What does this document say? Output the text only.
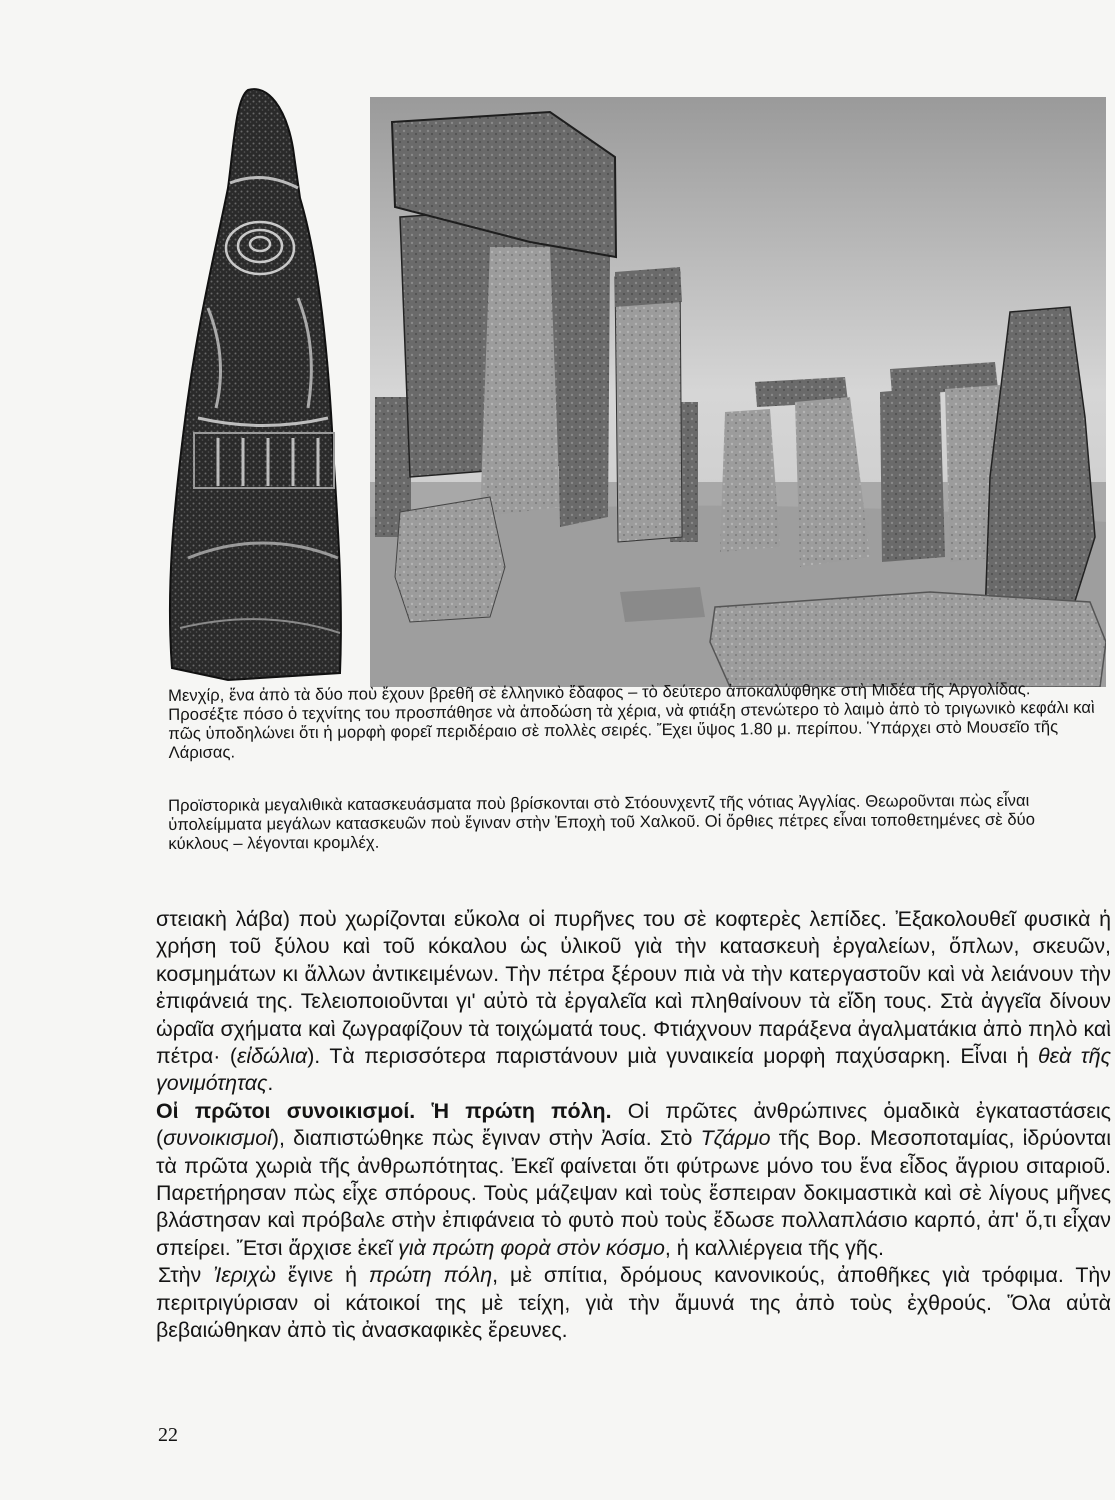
Μενχίρ, ἕνα ἀπὸ τὰ δύο ποὺ ἔχουν βρεθῆ σὲ ἑλληνικὸ ἔδαφος – τὸ δεύτερο ἀποκαλύφθηκε στὴ Μιδέα τῆς Ἀργολίδας. Προσέξτε πόσο ὁ τεχνίτης του προσπάθησε νὰ ἀποδώση τὰ χέρια, νὰ φτιάξη στενώτερο τὸ λαιμὸ ἀπὸ τὸ τριγωνικὸ κεφάλι καὶ πῶς ὑποδηλώνει ὅτι ἡ μορφὴ φορεῖ περιδέραιο σὲ πολλὲς σειρές. Ἔχει ὕψος 1.80 μ. περίπου. Ὑπάρχει στὸ Μουσεῖο τῆς Λάρισας.

Προϊστορικὰ μεγαλιθικὰ κατασκευάσματα ποὺ βρίσκονται στὸ Στόουνχεντζ τῆς νότιας Ἀγγλίας. Θεωροῦνται πὼς εἶναι ὑπολείμματα μεγάλων κατασκευῶν ποὺ ἔγιναν στὴν Ἐποχὴ τοῦ Χαλκοῦ. Οἱ ὄρθιες πέτρες εἶναι τοποθετημένες σὲ δύο κύκλους – λέγονται κρομλέχ.

στειακὴ λάβα) ποὺ χωρίζονται εὔκολα οἱ πυρῆνες του σὲ κοφτερὲς λεπίδες. Ἐξακολουθεῖ φυσικὰ ἡ χρήση τοῦ ξύλου καὶ τοῦ κόκαλου ὡς ὑλικοῦ γιὰ τὴν κατασκευὴ ἐργαλείων, ὅπλων, σκευῶν, κοσμημάτων κι ἄλλων ἀντικειμένων. Τὴν πέτρα ξέρουν πιὰ νὰ τὴν κατεργαστοῦν καὶ νὰ λειάνουν τὴν ἐπιφάνειά της. Τελειοποιοῦνται γι' αὐτὸ τὰ ἐργαλεῖα καὶ πληθαίνουν τὰ εἴδη τους. Στὰ ἀγγεῖα δίνουν ὡραῖα σχήματα καὶ ζωγραφίζουν τὰ τοιχώματά τους. Φτιάχνουν παράξενα ἀγαλματάκια ἀπὸ πηλὸ καὶ πέτρα· (εἰδώλια). Τὰ περισσότερα παριστάνουν μιὰ γυναικεία μορφὴ παχύσαρκη. Εἶναι ἡ θεὰ τῆς γονιμότητας.

Οἱ πρῶτοι συνοικισμοί. Ἡ πρώτη πόλη. Οἱ πρῶτες ἀνθρώπινες ὁμαδικὰ ἐγκαταστάσεις (συνοικισμοί), διαπιστώθηκε πὼς ἔγιναν στὴν Ἀσία. Στὸ Τζάρμο τῆς Βορ. Μεσοποταμίας, ἱδρύονται τὰ πρῶτα χωριὰ τῆς ἀνθρωπότητας. Ἐκεῖ φαίνεται ὅτι φύτρωνε μόνο του ἕνα εἶδος ἄγριου σιταριοῦ. Παρετήρησαν πὼς εἶχε σπόρους. Τοὺς μάζεψαν καὶ τοὺς ἔσπειραν δοκιμαστικὰ καὶ σὲ λίγους μῆνες βλάστησαν καὶ πρόβαλε στὴν ἐπιφάνεια τὸ φυτὸ ποὺ τοὺς ἔδωσε πολλαπλάσιο καρπό, ἀπ' ὅ,τι εἶχαν σπείρει. Ἔτσι ἄρχισε ἐκεῖ γιὰ πρώτη φορὰ στὸν κόσμο, ἡ καλλιέργεια τῆς γῆς.

Στὴν Ἰεριχὼ ἔγινε ἡ πρώτη πόλη, μὲ σπίτια, δρόμους κανονικούς, ἀποθῆκες γιὰ τρόφιμα. Τὴν περιτριγύρισαν οἱ κάτοικοί της μὲ τείχη, γιὰ τὴν ἄμυνά της ἀπὸ τοὺς ἐχθρούς. Ὅλα αὐτὰ βεβαιώθηκαν ἀπὸ τὶς ἀνασκαφικὲς ἔρευνες.

22
